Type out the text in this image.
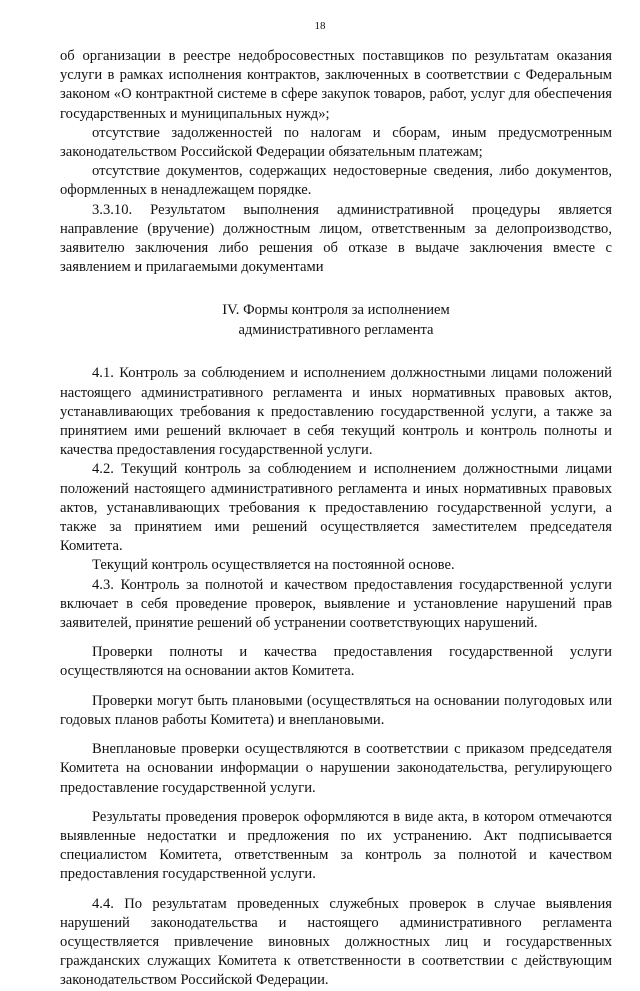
18

об организации в реестре недобросовестных поставщиков по результатам оказания услуги в рамках исполнения контрактов, заключенных в соответствии с Федеральным законом «О контрактной системе в сфере закупок товаров, работ, услуг для обеспечения государственных и муниципальных нужд»;

отсутствие задолженностей по налогам и сборам, иным предусмотренным законодательством Российской Федерации обязательным платежам;

отсутствие документов, содержащих недостоверные сведения, либо документов, оформленных в ненадлежащем порядке.

3.3.10. Результатом выполнения административной процедуры является направление (вручение) должностным лицом, ответственным за делопроизводство, заявителю заключения либо решения об отказе в выдаче заключения вместе с заявлением и прилагаемыми документами

IV. Формы контроля за исполнением
административного регламента

4.1. Контроль за соблюдением и исполнением должностными лицами положений настоящего административного регламента и иных нормативных правовых актов, устанавливающих требования к предоставлению государственной услуги, а также за принятием ими решений включает в себя текущий контроль и контроль полноты и качества предоставления государственной услуги.

4.2. Текущий контроль за соблюдением и исполнением должностными лицами положений настоящего административного регламента и иных нормативных правовых актов, устанавливающих требования к предоставлению государственной услуги, а также за принятием ими решений осуществляется заместителем председателя Комитета.

Текущий контроль осуществляется на постоянной основе.

4.3. Контроль за полнотой и качеством предоставления государственной услуги включает в себя проведение проверок, выявление и установление нарушений прав заявителей, принятие решений об устранении соответствующих нарушений.

Проверки полноты и качества предоставления государственной услуги осуществляются на основании актов Комитета.

Проверки могут быть плановыми (осуществляться на основании полугодовых или годовых планов работы Комитета) и внеплановыми.

Внеплановые проверки осуществляются в соответствии с приказом председателя Комитета на основании информации о нарушении законодательства, регулирующего предоставление государственной услуги.

Результаты проведения проверок оформляются в виде акта, в котором отмечаются выявленные недостатки и предложения по их устранению. Акт подписывается специалистом Комитета, ответственным за контроль за полнотой и качеством предоставления государственной услуги.

4.4. По результатам проведенных служебных проверок в случае выявления нарушений законодательства и настоящего административного регламента осуществляется привлечение виновных должностных лиц и государственных гражданских служащих Комитета к ответственности в соответствии с действующим законодательством Российской Федерации.
